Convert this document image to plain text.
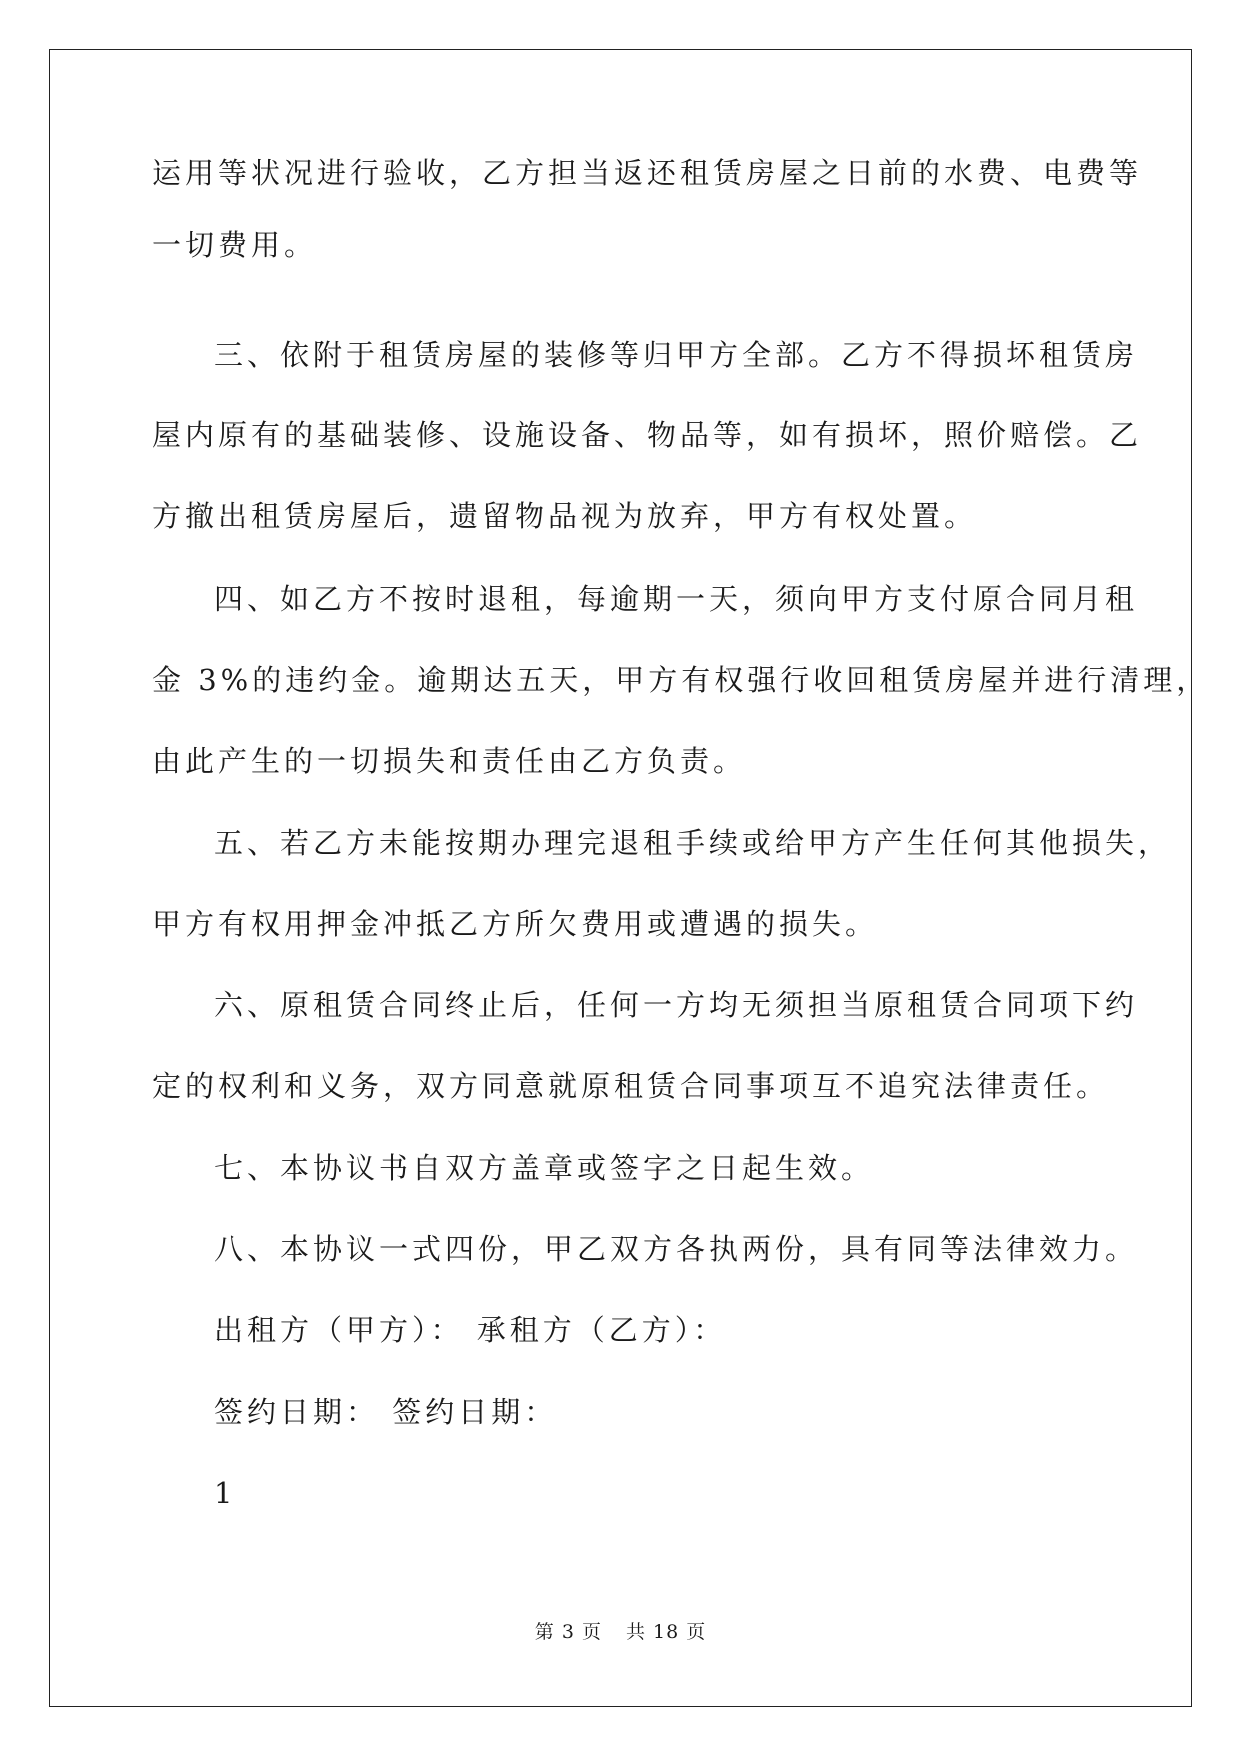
运用等状况进行验收，乙方担当返还租赁房屋之日前的水费、电费等
一切费用。
三、依附于租赁房屋的装修等归甲方全部。乙方不得损坏租赁房
屋内原有的基础装修、设施设备、物品等，如有损坏，照价赔偿。乙
方撤出租赁房屋后，遗留物品视为放弃，甲方有权处置。
四、如乙方不按时退租，每逾期一天，须向甲方支付原合同月租
金 3%的违约金。逾期达五天，甲方有权强行收回租赁房屋并进行清理，
由此产生的一切损失和责任由乙方负责。
五、若乙方未能按期办理完退租手续或给甲方产生任何其他损失，
甲方有权用押金冲抵乙方所欠费用或遭遇的损失。
六、原租赁合同终止后，任何一方均无须担当原租赁合同项下约
定的权利和义务，双方同意就原租赁合同事项互不追究法律责任。
七、本协议书自双方盖章或签字之日起生效。
八、本协议一式四份，甲乙双方各执两份，具有同等法律效力。
出租方（甲方）： 承租方（乙方）：
签约日期： 签约日期：
1
第 3 页 共 18 页
